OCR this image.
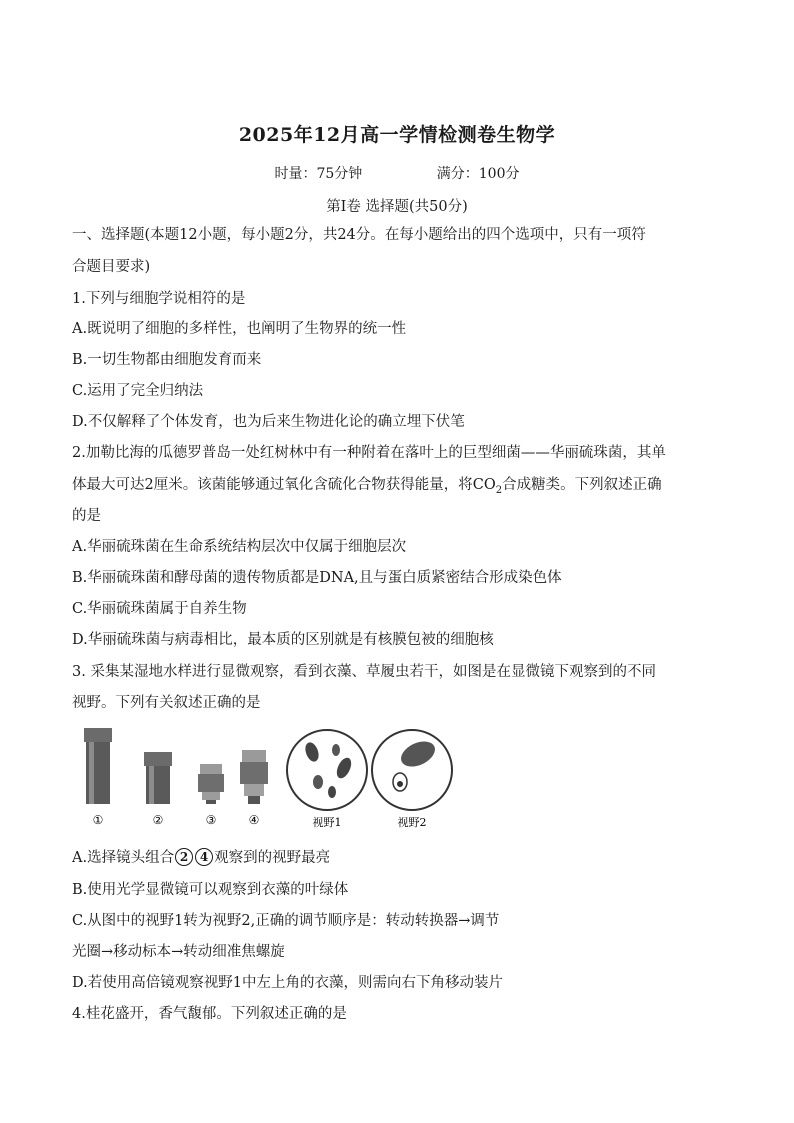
2025年12月高一学情检测卷生物学
时量：75分钟	满分：100分
第I卷 选择题(共50分)
一、选择题(本题12小题，每小题2分，共24分。在每小题给出的四个选项中，只有一项符
合题目要求)
1.下列与细胞学说相符的是
A.既说明了细胞的多样性，也阐明了生物界的统一性
B.一切生物都由细胞发育而来
C.运用了完全归纳法
D.不仅解释了个体发育，也为后来生物进化论的确立埋下伏笔
2.加勒比海的瓜德罗普岛一处红树林中有一种附着在落叶上的巨型细菌——华丽硫珠菌，其单
体最大可达2厘米。该菌能够通过氧化含硫化合物获得能量，将$CO_2$合成糖类。下列叙述正确
的是
A.华丽硫珠菌在生命系统结构层次中仅属于细胞层次
B.华丽硫珠菌和酵母菌的遗传物质都是DNA,且与蛋白质紧密结合形成染色体
C.华丽硫珠菌属于自养生物
D.华丽硫珠菌与病毒相比，最本质的区别就是有核膜包被的细胞核
3. 采集某湿地水样进行显微观察，看到衣藻、草履虫若干，如图是在显微镜下观察到的不同
视野。下列有关叙述正确的是
①	②	③	④	视野1	视野2
A.选择镜头组合 2 4 观察到的视野最亮
B.使用光学显微镜可以观察到衣藻的叶绿体
C.从图中的视野1转为视野2,正确的调节顺序是：转动转换器→调节
光圈→移动标本→转动细准焦螺旋
D.若使用高倍镜观察视野1中左上角的衣藻，则需向右下角移动装片
4.桂花盛开，香气馥郁。下列叙述正确的是
